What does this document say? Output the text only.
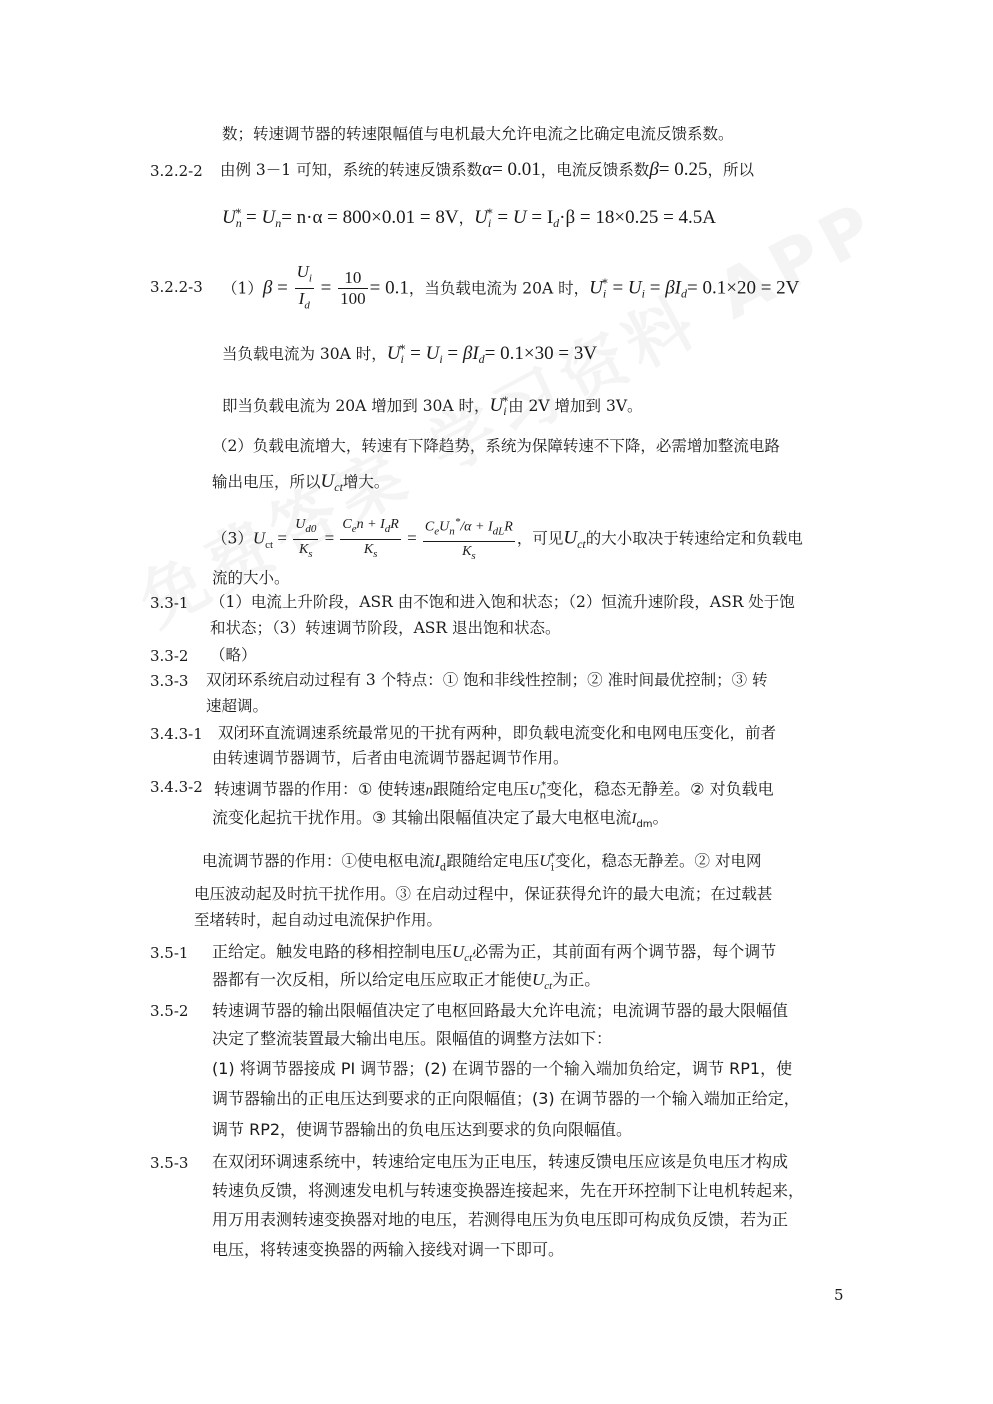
数；转速调节器的转速限幅值与电机最大允许电流之比确定电流反馈系数。
3.2.2-2 由例 3－1 可知，系统的转速反馈系数α= 0.01，电流反馈系数β= 0.25，所以
$U_n^* = U_n= n\cdot\alpha = 800\times 0.01 = 8V$，$U_i^* = U = I_d\cdot\beta = 18\times 0.25 = 4.5A$
3.2.2-3 $(1)\beta = \frac{U_i}{I_d} = \frac{10}{100} = 0.1$，当负载电流为 20A 时，$U_i^* = U_i = \beta I_d= 0.1\times 20 = 2V$
当负载电流为 30A 时，$U_i^* = U_i = \beta I_d= 0.1\times 30 = 3V$
即当负载电流为 20A 增加到 30A 时，$U_i^*$由 2V 增加到 3V。
（2）负载电流增大，转速有下降趋势，系统为保障转速不下降，必需增加整流电路
输出电压，所以$U_{ct}$增大。
$(3)U_{ct} = \frac{U_{d0}}{K_s} = \frac{C_en + I_dR}{K_s} = \frac{C_eU_n^*/\alpha + I_{dL}R}{K_s}$ ，可见$U_{ct}$的大小取决于转速给定和负载电
流的大小。
3.3-1 （1）电流上升阶段，ASR 由不饱和进入饱和状态；（2）恒流升速阶段，ASR 处于饱
和状态；（3）转速调节阶段，ASR 退出饱和状态。
3.3-2 （略）
3.3-3 双闭环系统启动过程有 3 个特点：① 饱和非线性控制；② 准时间最优控制；③ 转
速超调。
3.4.3-1 双闭环直流调速系统最常见的干扰有两种，即负载电流变化和电网电压变化，前者
由转速调节器调节，后者由电流调节器起调节作用。
3.4.3-2 转速调节器的作用：① 使转速n跟随给定电压$U_n^*$变化，稳态无静差。② 对负载电
流变化起抗干扰作用。③ 其输出限幅值决定了最大电枢电流$I_{dm}$。
电流调节器的作用：①使电枢电流$I_d$跟随给定电压$U_i^*$变化，稳态无静差。② 对电网
电压波动起及时抗干扰作用。③ 在启动过程中，保证获得允许的最大电流；在过载甚
至堵转时，起自动过电流保护作用。
3.5-1 正给定。触发电路的移相控制电压$U_{ct}$必需为正，其前面有两个调节器，每个调节
器都有一次反相，所以给定电压应取正才能使$U_{ct}$为正。
3.5-2 转速调节器的输出限幅值决定了电枢回路最大允许电流；电流调节器的最大限幅值
决定了整流装置最大输出电压。限幅值的调整方法如下：
(1) 将调节器接成 PI 调节器；(2) 在调节器的一个输入端加负给定，调节 RP1，使
调节器输出的正电压达到要求的正向限幅值；(3) 在调节器的一个输入端加正给定，
调节 RP2，使调节器输出的负电压达到要求的负向限幅值。
3.5-3 在双闭环调速系统中，转速给定电压为正电压，转速反馈电压应该是负电压才构成
转速负反馈，将测速发电机与转速变换器连接起来，先在开环控制下让电机转起来，
用万用表测转速变换器对地的电压，若测得电压为负电压即可构成负反馈，若为正
电压，将转速变换器的两输入接线对调一下即可。
5
